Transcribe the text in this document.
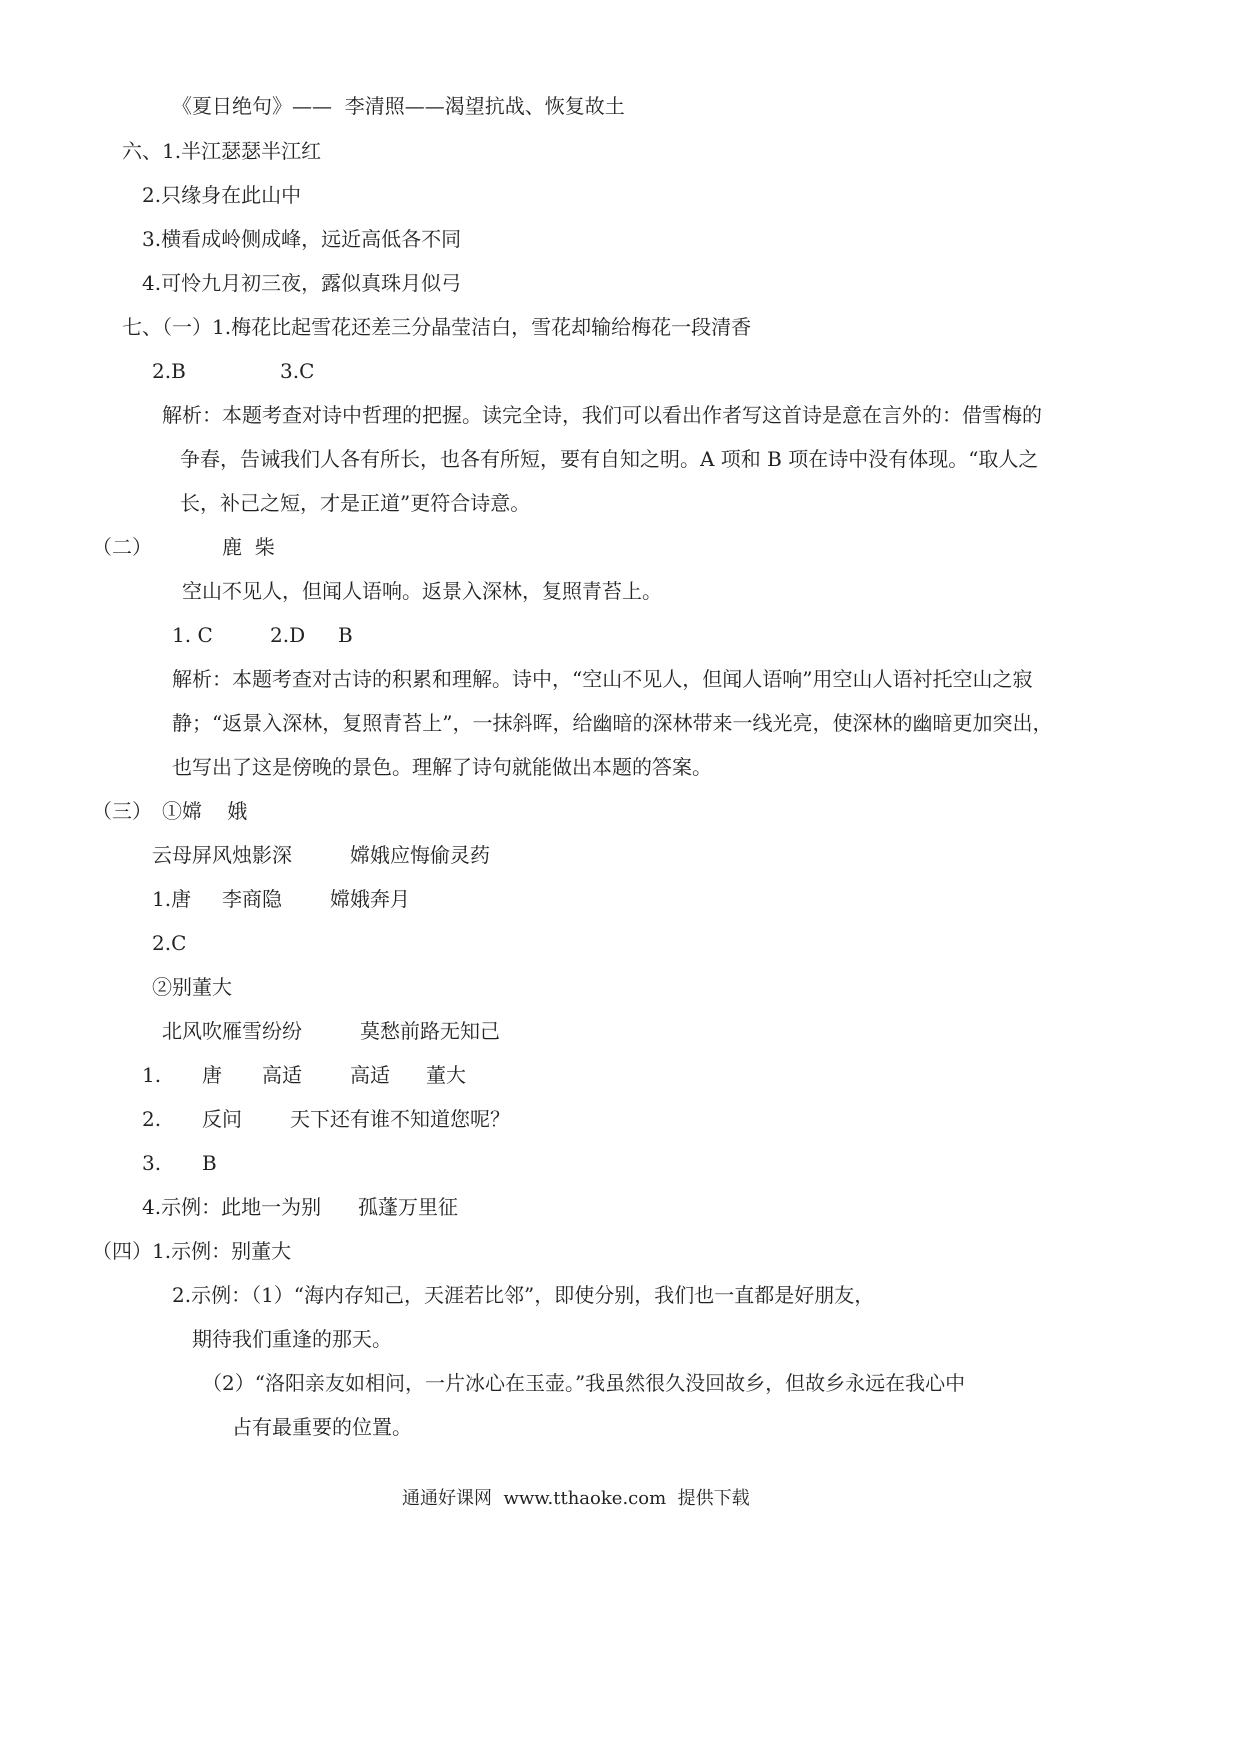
《夏日绝句》——  李清照——渴望抗战、恢复故土
六、1.半江瑟瑟半江红
2.只缘身在此山中
3.横看成岭侧成峰，远近高低各不同
4.可怜九月初三夜，露似真珠月似弓
七、（一）1.梅花比起雪花还差三分晶莹洁白，雪花却输给梅花一段清香
2.B	3.C
解析：本题考查对诗中哲理的把握。读完全诗，我们可以看出作者写这首诗是意在言外的：借雪梅的
争春，告诫我们人各有所长，也各有所短，要有自知之明。A 项和 B 项在诗中没有体现。“取人之
长，补己之短，才是正道”更符合诗意。
（二）	鹿  柴
空山不见人，但闻人语响。返景入深林，复照青苔上。
1. C	2.D B
解析：本题考查对古诗的积累和理解。诗中，“空山不见人，但闻人语响”用空山人语衬托空山之寂
静；“返景入深林，复照青苔上”，一抹斜晖，给幽暗的深林带来一线光亮，使深林的幽暗更加突出，
也写出了这是傍晚的景色。理解了诗句就能做出本题的答案。
（三） ①嫦    娥
云母屏风烛影深	嫦娥应悔偷灵药
1.唐 李商隐 嫦娥奔月
2.C
②别董大
北风吹雁雪纷纷	莫愁前路无知己
1. 唐 高适 高适 董大
2. 反问 天下还有谁不知道您呢？
3. B
4.示例：此地一为别 孤蓬万里征
（四）1.示例：别董大
2.示例：（1）“海内存知己，天涯若比邻”，即使分别，我们也一直都是好朋友，
期待我们重逢的那天。
（2）“洛阳亲友如相问，一片冰心在玉壶。”我虽然很久没回故乡，但故乡永远在我心中
占有最重要的位置。
通通好课网  www.tthaoke.com  提供下载
